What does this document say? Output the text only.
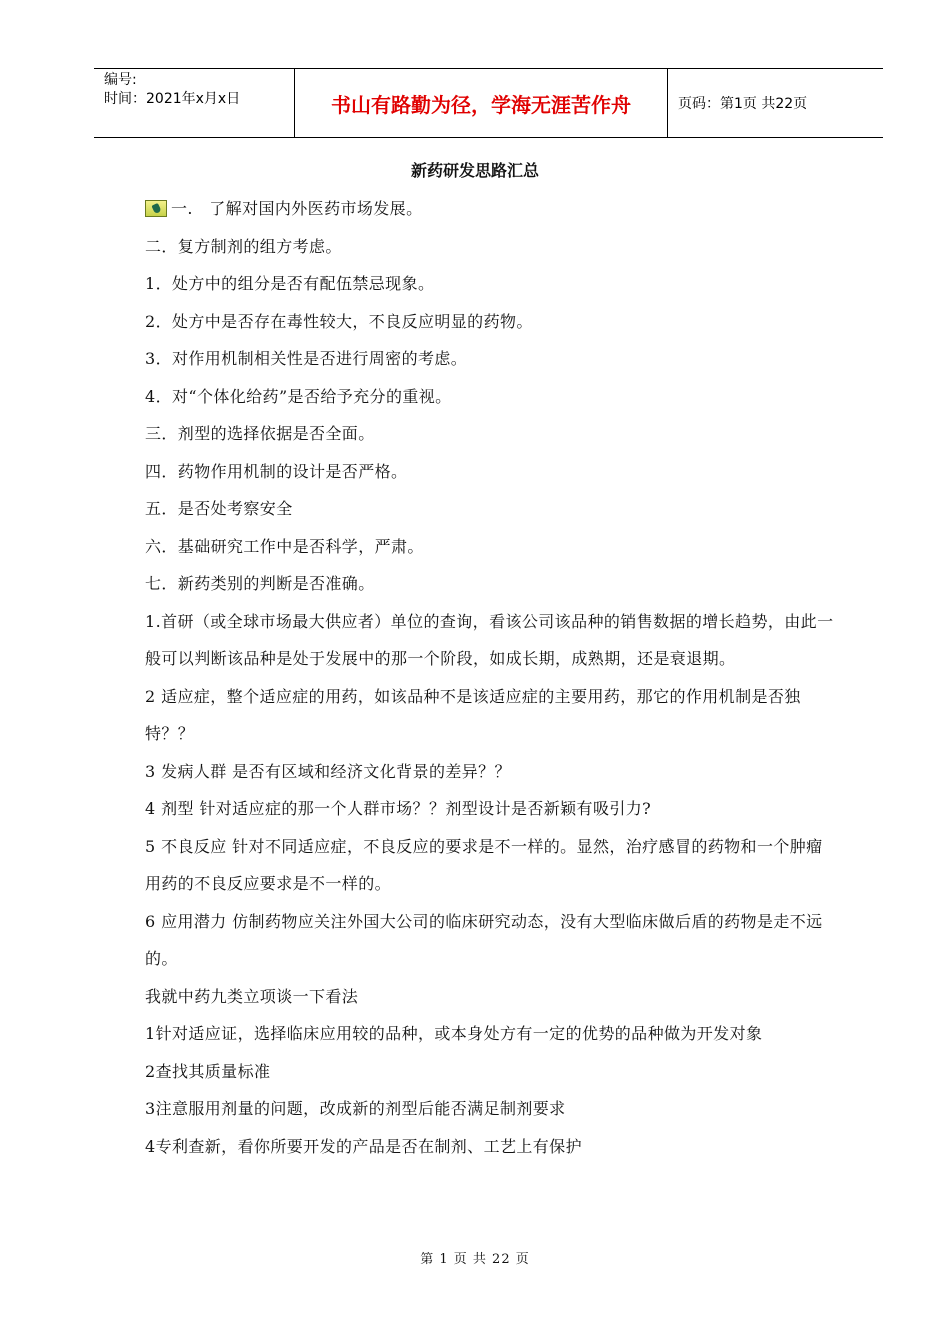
编号:
时间：2021年x月x日	书山有路勤为径，学海无涯苦作舟	页码：第1页 共22页
新药研发思路汇总

一.　了解对国内外医药市场发展。

二．复方制剂的组方考虑。

1．处方中的组分是否有配伍禁忌现象。

2．处方中是否存在毒性较大，不良反应明显的药物。

3．对作用机制相关性是否进行周密的考虑。

4．对“个体化给药”是否给予充分的重视。

三．剂型的选择依据是否全面。

四．药物作用机制的设计是否严格。

五．是否处考察安全

六．基础研究工作中是否科学，严肃。

七．新药类别的判断是否准确。

1.首研（或全球市场最大供应者）单位的查询，看该公司该品种的销售数据的增长趋势，由此一般可以判断该品种是处于发展中的那一个阶段，如成长期，成熟期，还是衰退期。

2 适应症，整个适应症的用药，如该品种不是该适应症的主要用药，那它的作用机制是否独特？？

3 发病人群 是否有区域和经济文化背景的差异？？

4 剂型 针对适应症的那一个人群市场？？剂型设计是否新颖有吸引力?

5 不良反应 针对不同适应症，不良反应的要求是不一样的。显然，治疗感冒的药物和一个肿瘤用药的不良反应要求是不一样的。

6 应用潜力 仿制药物应关注外国大公司的临床研究动态，没有大型临床做后盾的药物是走不远的。

我就中药九类立项谈一下看法

1针对适应证，选择临床应用较的品种，或本身处方有一定的优势的品种做为开发对象

2查找其质量标准

3注意服用剂量的问题，改成新的剂型后能否满足制剂要求

4专利查新，看你所要开发的产品是否在制剂、工艺上有保护

第 1 页 共 22 页
